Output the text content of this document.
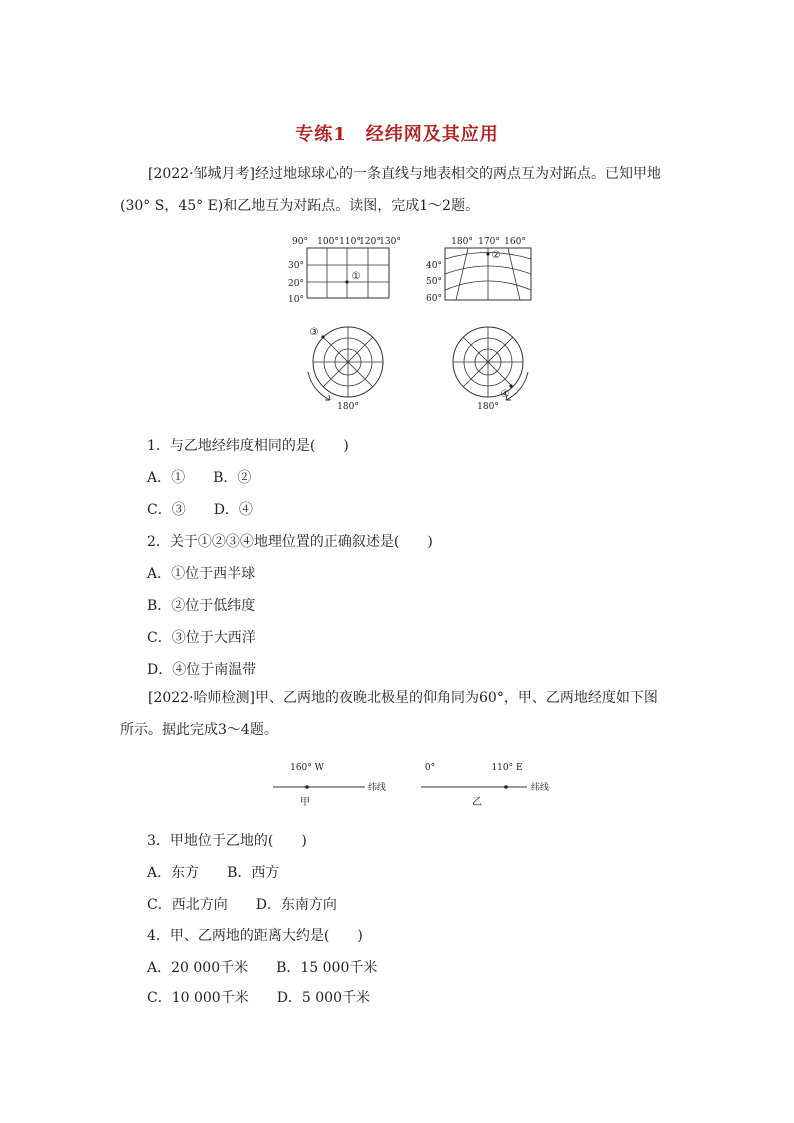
专练1　经纬网及其应用
[2022·邹城月考]经过地球球心的一条直线与地表相交的两点互为对跖点。已知甲地
(30° S，45° E)和乙地互为对跖点。读图，完成1～2题。
90° 100° 110°
120°
130°
30°
20°
10°
①
180° 170° 160°
40°
50°
60°
②
③
180°
④
180°
1．与乙地经纬度相同的是(　　)
A．①　　B．②
C．③　　D．④
2．关于①②③④地理位置的正确叙述是(　　)
A．①位于西半球
B．②位于低纬度
C．③位于大西洋
D．④位于南温带
[2022·哈师检测]甲、乙两地的夜晚北极星的仰角同为60°，甲、乙两地经度如下图
所示。据此完成3～4题。
160° W
纬线
甲
0°	110° E
纬线
乙
3．甲地位于乙地的(　　)
A．东方　　B．西方
C．西北方向　　D．东南方向
4．甲、乙两地的距离大约是(　　)
A．20 000千米　　B．15 000千米
C．10 000千米　　D．5 000千米
